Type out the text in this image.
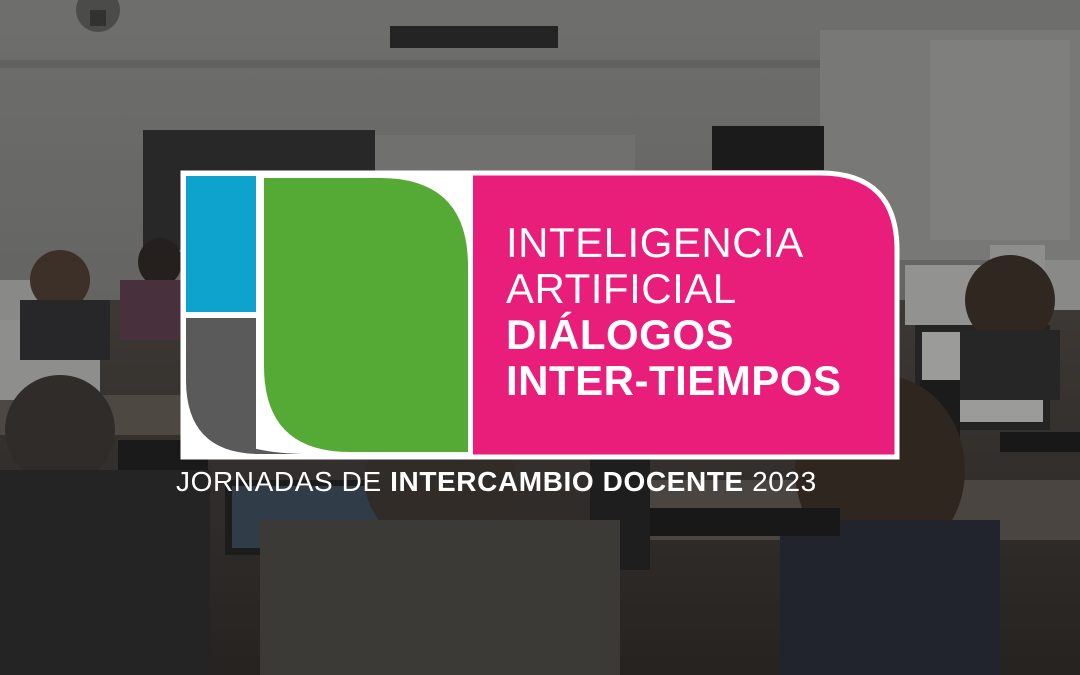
INTELIGENCIA
ARTIFICIAL
DIÁLOGOS
INTER-TIEMPOS
JORNADAS DE INTERCAMBIO DOCENTE 2023
